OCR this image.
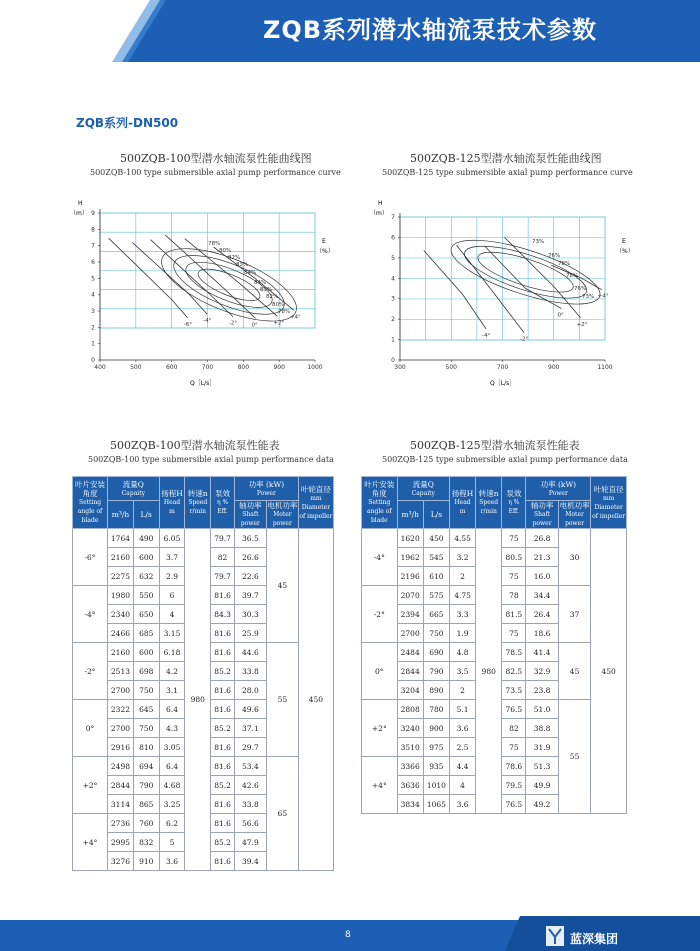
ZQB系列潜水轴流泵技术参数
ZQB系列-DN500
500ZQB-100型潜水轴流泵性能曲线图
500ZQB-100 type submersible axial pump performance curve
500ZQB-125型潜水轴流泵性能曲线图
500ZQB-125 type submersible axial pump performance curve
H
（m）
E
（%）
Q［L/s］
0
1
2
3
4
5
6
7
8
9
400	500	600	700	800	900	1000
-6°
-4°	-2°	0°	+2°
+4°
78%
80%
82%
83%
84%
84%
83%
82%
80%
78%
H
（m）
E
（%）
Q［L/s］
0
1
2
3
4
5
6
7
300	500	700	900	1100
-4°
-2°
0°
+2°
+4°
73%
76%
78%
78%
76%
73%
500ZQB-100型潜水轴流泵性能表
500ZQB-100 type submersible axial pump performance data
500ZQB-125型潜水轴流泵性能表
500ZQB-125 type submersible axial pump performance data
叶片安装角度
Setting angle of blade	流量Q
Capaity		扬程H
Head
m	转速n
Speed
r/min	泵效
η %
Eff.	功率 (kW)
Power		叶轮直径
mm
Diameter of impeller

	m³/h	L/s				轴功率
Shaft power	电机功率
Moter power	

-6°	1764	490	6.05	980	79.7	36.5	45	450
	2160	600	3.7		82	26.6		
	2275	632	2.9		79.7	22.6		
-4°	1980	550	6		81.6	39.7		
	2340	650	4		84.3	30.3		
	2466	685	3.15		81.6	25.9		
-2°	2160	600	6.18		81.6	44.6	55	
	2513	698	4.2		85.2	33.8		
	2700	750	3.1		81.6	28.0		
0°	2322	645	6.4		81.6	49.6		
	2700	750	4.3		85.2	37.1		
	2916	810	3.05		81.6	29.7		
+2°	2498	694	6.4		81.6	53.4	65	
	2844	790	4.68		85.2	42.6		
	3114	865	3.25		81.6	33.8		
+4°	2736	760	6.2		81.6	56.6		
	2995	832	5		85.2	47.9		
	3276	910	3.6		81.6	39.4		
叶片安装角度
Setting angle of blade	流量Q
Capaity		扬程H
Head
m	转速n
Speed
r/min	泵效
η %
Eff.	功率 (kW)
Power		叶轮直径
mm
Diameter of impeller

	m³/h	L/s				轴功率
Shaft power	电机功率
Moter power	

-4°	1620	450	4.55	980	75	26.8	30	450
	1962	545	3.2		80.5	21.3		
	2196	610	2		75	16.0		
-2°	2070	575	4.75		78	34.4	37	
	2394	665	3.3		81.5	26.4		
	2700	750	1.9		75	18.6		
0°	2484	690	4.8		78.5	41.4	45	
	2844	790	3.5		82.5	32.9		
	3204	890	2		73.5	23.8		
+2°	2808	780	5.1		76.5	51.0	55	
	3240	900	3.6		82	38.8		
	3510	975	2.5		75	31.9		
+4°	3366	935	4.4		78.6	51.3		
	3636	1010	4		79.5	49.9		
	3834	1065	3.6		76.5	49.2		
8	蓝深集团
